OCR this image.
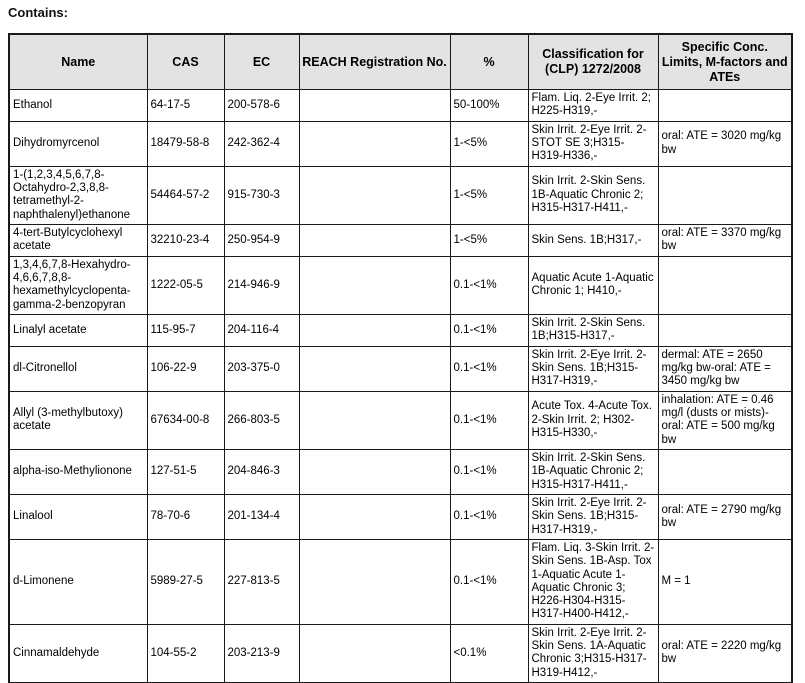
Contains:
Name	CAS	EC	REACH Registration No.	%	Classification for (CLP) 1272/2008	Specific Conc. Limits, M-factors and ATEs
Ethanol	64-17-5	200-578-6		50-100%	Flam. Liq. 2-Eye Irrit. 2; H225-H319,-	
Dihydromyrcenol	18479-58-8	242-362-4		1-<5%	Skin Irrit. 2-Eye Irrit. 2-STOT SE 3;H315-H319-H336,-	oral: ATE = 3020 mg/kg bw
1-(1,2,3,4,5,6,7,8-Octahydro-2,3,8,8-tetramethyl-2-naphthalenyl)ethanone	54464-57-2	915-730-3		1-<5%	Skin Irrit. 2-Skin Sens. 1B-Aquatic Chronic 2; H315-H317-H411,-	
4-tert-Butylcyclohexyl acetate	32210-23-4	250-954-9		1-<5%	Skin Sens. 1B;H317,-	oral: ATE = 3370 mg/kg bw
1,3,4,6,7,8-Hexahydro-4,6,6,7,8,8-hexamethylcyclopenta-gamma-2-benzopyran	1222-05-5	214-946-9		0.1-<1%	Aquatic Acute 1-Aquatic Chronic 1; H410,-	
Linalyl acetate	115-95-7	204-116-4		0.1-<1%	Skin Irrit. 2-Skin Sens. 1B;H315-H317,-	
dl-Citronellol	106-22-9	203-375-0		0.1-<1%	Skin Irrit. 2-Eye Irrit. 2-Skin Sens. 1B;H315-H317-H319,-	dermal: ATE = 2650 mg/kg bw-oral: ATE = 3450 mg/kg bw
Allyl (3-methylbutoxy) acetate	67634-00-8	266-803-5		0.1-<1%	Acute Tox. 4-Acute Tox. 2-Skin Irrit. 2; H302-H315-H330,-	inhalation: ATE = 0.46 mg/l (dusts or mists)-oral: ATE = 500 mg/kg bw
alpha-iso-Methylionone	127-51-5	204-846-3		0.1-<1%	Skin Irrit. 2-Skin Sens. 1B-Aquatic Chronic 2; H315-H317-H411,-	
Linalool	78-70-6	201-134-4		0.1-<1%	Skin Irrit. 2-Eye Irrit. 2-Skin Sens. 1B;H315-H317-H319,-	oral: ATE = 2790 mg/kg bw
d-Limonene	5989-27-5	227-813-5		0.1-<1%	Flam. Liq. 3-Skin Irrit. 2-Skin Sens. 1B-Asp. Tox 1-Aquatic Acute 1-Aquatic Chronic 3; H226-H304-H315-H317-H400-H412,-	M = 1
Cinnamaldehyde	104-55-2	203-213-9		<0.1%	Skin Irrit. 2-Eye Irrit. 2-Skin Sens. 1A-Aquatic Chronic 3;H315-H317-H319-H412,-	oral: ATE = 2220 mg/kg bw
